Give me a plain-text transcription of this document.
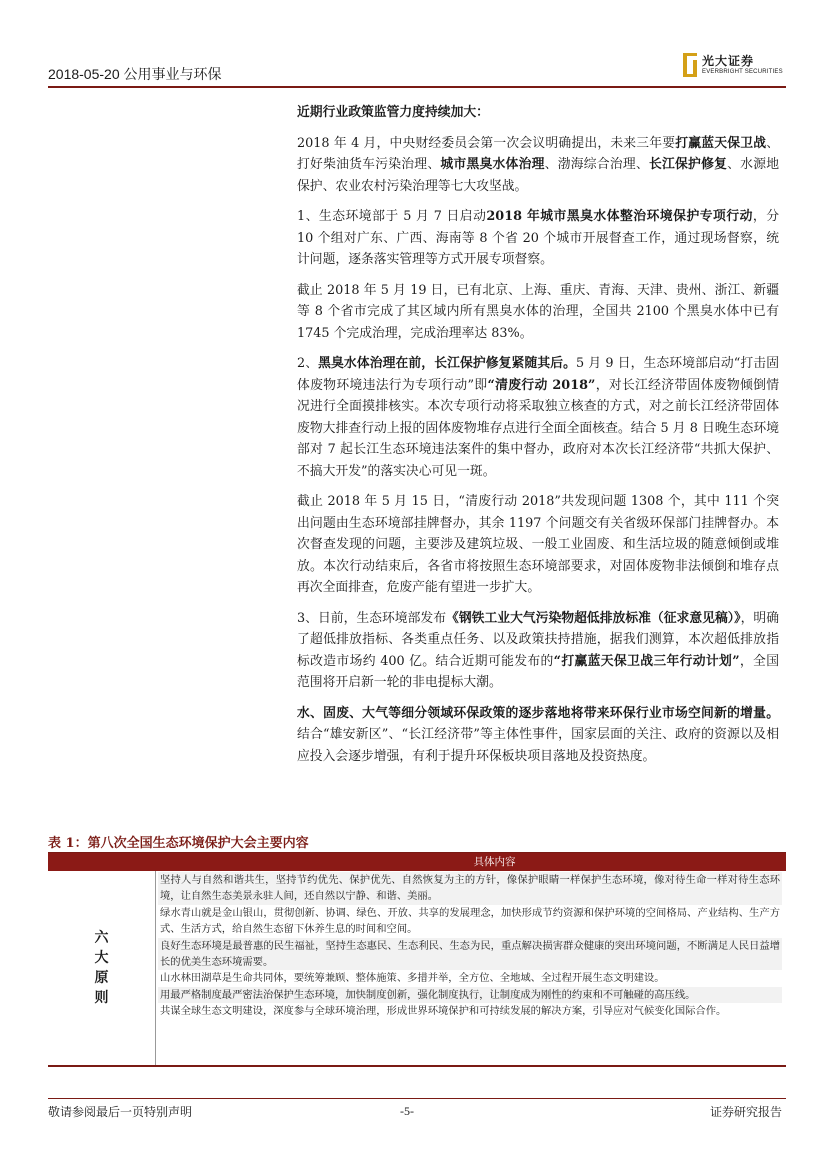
2018-05-20 公用事业与环保
光大证券
EVERBRIGHT SECURITIES

近期行业政策监管力度持续加大：

2018 年 4 月，中央财经委员会第一次会议明确提出，未来三年要打赢蓝天保卫战、打好柴油货车污染治理、城市黑臭水体治理、渤海综合治理、长江保护修复、水源地保护、农业农村污染治理等七大攻坚战。

1、生态环境部于 5 月 7 日启动2018 年城市黑臭水体整治环境保护专项行动，分 10 个组对广东、广西、海南等 8 个省 20 个城市开展督查工作，通过现场督察，统计问题，逐条落实管理等方式开展专项督察。

截止 2018 年 5 月 19 日，已有北京、上海、重庆、青海、天津、贵州、浙江、新疆等 8 个省市完成了其区域内所有黑臭水体的治理，全国共 2100 个黑臭水体中已有 1745 个完成治理，完成治理率达 83%。

2、黑臭水体治理在前，长江保护修复紧随其后。5 月 9 日，生态环境部启动“打击固体废物环境违法行为专项行动”即“清废行动 2018”，对长江经济带固体废物倾倒情况进行全面摸排核实。本次专项行动将采取独立核查的方式，对之前长江经济带固体废物大排查行动上报的固体废物堆存点进行全面全面核查。结合 5 月 8 日晚生态环境部对 7 起长江生态环境违法案件的集中督办，政府对本次长江经济带“共抓大保护、不搞大开发”的落实决心可见一斑。

截止 2018 年 5 月 15 日，“清废行动 2018”共发现问题 1308 个，其中 111 个突出问题由生态环境部挂牌督办，其余 1197 个问题交有关省级环保部门挂牌督办。本次督查发现的问题，主要涉及建筑垃圾、一般工业固废、和生活垃圾的随意倾倒或堆放。本次行动结束后，各省市将按照生态环境部要求，对固体废物非法倾倒和堆存点再次全面排查，危废产能有望进一步扩大。

3、日前，生态环境部发布《钢铁工业大气污染物超低排放标准（征求意见稿）》，明确了超低排放指标、各类重点任务、以及政策扶持措施，据我们测算，本次超低排放指标改造市场约 400 亿。结合近期可能发布的“打赢蓝天保卫战三年行动计划”，全国范围将开启新一轮的非电提标大潮。

水、固废、大气等细分领域环保政策的逐步落地将带来环保行业市场空间新的增量。结合“雄安新区”、“长江经济带”等主体性事件，国家层面的关注、政府的资源以及相应投入会逐步增强，有利于提升环保板块项目落地及投资热度。

表 1：第八次全国生态环境保护大会主要内容
具体内容
六
大
原
则
坚持人与自然和谐共生，坚持节约优先、保护优先、自然恢复为主的方针，像保护眼睛一样保护生态环境，像对待生命一样对待生态环境，让自然生态美景永驻人间，还自然以宁静、和谐、美丽。
绿水青山就是金山银山，贯彻创新、协调、绿色、开放、共享的发展理念，加快形成节约资源和保护环境的空间格局、产业结构、生产方式、生活方式，给自然生态留下休养生息的时间和空间。
良好生态环境是最普惠的民生福祉，坚持生态惠民、生态利民、生态为民，重点解决损害群众健康的突出环境问题，不断满足人民日益增长的优美生态环境需要。
山水林田湖草是生命共同体，要统筹兼顾、整体施策、多措并举，全方位、全地域、全过程开展生态文明建设。
用最严格制度最严密法治保护生态环境，加快制度创新，强化制度执行，让制度成为刚性的约束和不可触碰的高压线。
共谋全球生态文明建设，深度参与全球环境治理，形成世界环境保护和可持续发展的解决方案，引导应对气候变化国际合作。
敬请参阅最后一页特别声明	-5-	证券研究报告
